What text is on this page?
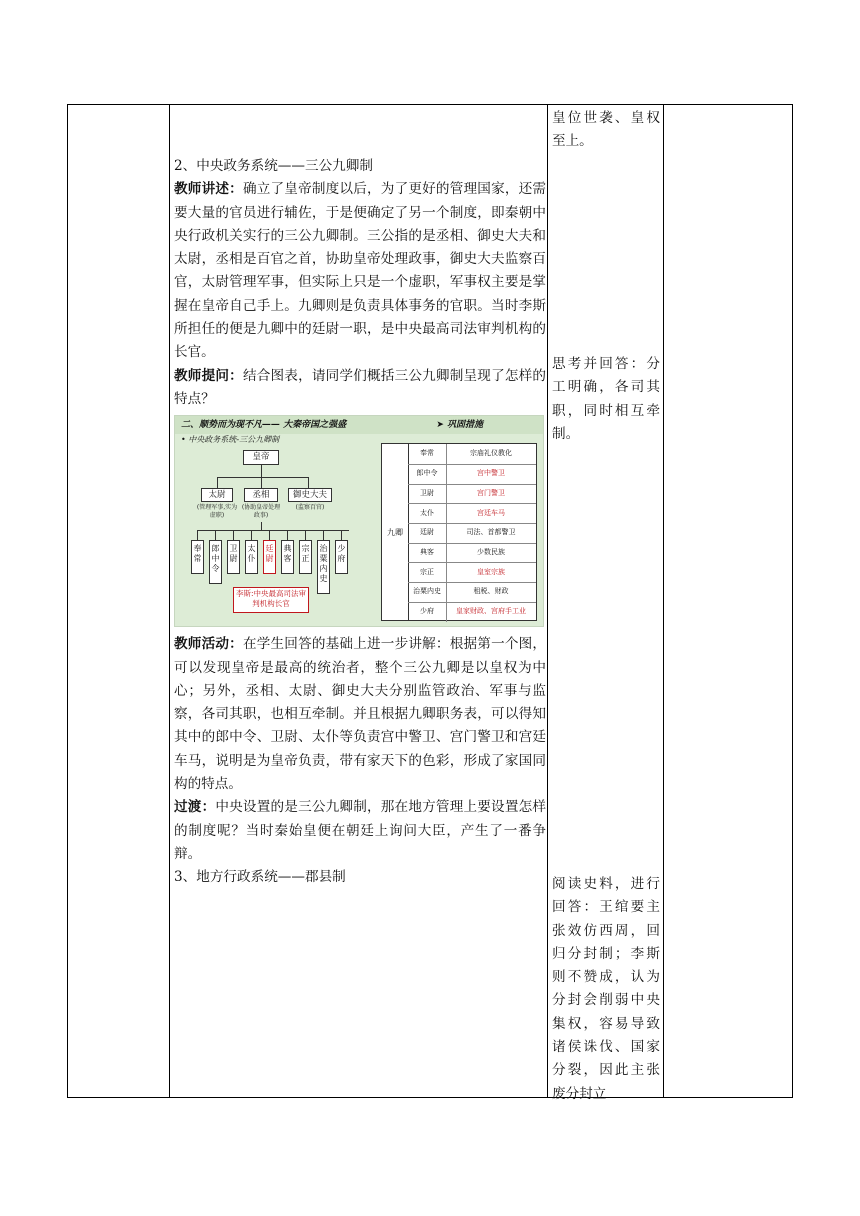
2、中央政务系统——三公九卿制

教师讲述：确立了皇帝制度以后，为了更好的管理国家，还需要大量的官员进行辅佐，于是便确定了另一个制度，即秦朝中央行政机关实行的三公九卿制。三公指的是丞相、御史大夫和太尉，丞相是百官之首，协助皇帝处理政事，御史大夫监察百官，太尉管理军事，但实际上只是一个虚职，军事权主要是掌握在皇帝自己手上。九卿则是负责具体事务的官职。当时李斯所担任的便是九卿中的廷尉一职，是中央最高司法审判机构的长官。

教师提问：结合图表，请同学们概括三公九卿制呈现了怎样的特点？

二、顺势而为现不凡—— 大秦帝国之强盛	➤ 巩固措施
• 中央政务系统-三公九卿制
皇帝
太尉	丞相	御史大夫
(管理军事,实为虚职)
(协助皇帝处理政事)
(监察百官)
奉常
郎中令
卫尉
太仆
廷尉
典客
宗正
治粟内史
少府
李斯:中央最高司法审判机构长官
九卿
奉常	宗庙礼仪教化
郎中令	宫中警卫
卫尉	宫门警卫
太仆	宫廷车马
廷尉	司法、首都警卫
典客	少数民族
宗正	皇室宗族
治粟内史	租税、财政
少府	皇家财政、宫府手工业

教师活动：在学生回答的基础上进一步讲解：根据第一个图，可以发现皇帝是最高的统治者，整个三公九卿是以皇权为中心；另外，丞相、太尉、御史大夫分别监管政治、军事与监察，各司其职，也相互牵制。并且根据九卿职务表，可以得知其中的郎中令、卫尉、太仆等负责宫中警卫、宫门警卫和宫廷车马，说明是为皇帝负责，带有家天下的色彩，形成了家国同构的特点。

过渡：中央设置的是三公九卿制，那在地方管理上要设置怎样的制度呢？当时秦始皇便在朝廷上询问大臣，产生了一番争辩。

3、地方行政系统——郡县制

皇位世袭、皇权至上。
思考并回答：分工明确，各司其职，同时相互牵制。
阅读史料，进行回答：王绾要主张效仿西周，回归分封制；李斯则不赞成，认为分封会削弱中央集权，容易导致诸侯诛伐、国家分裂，因此主张废分封立
